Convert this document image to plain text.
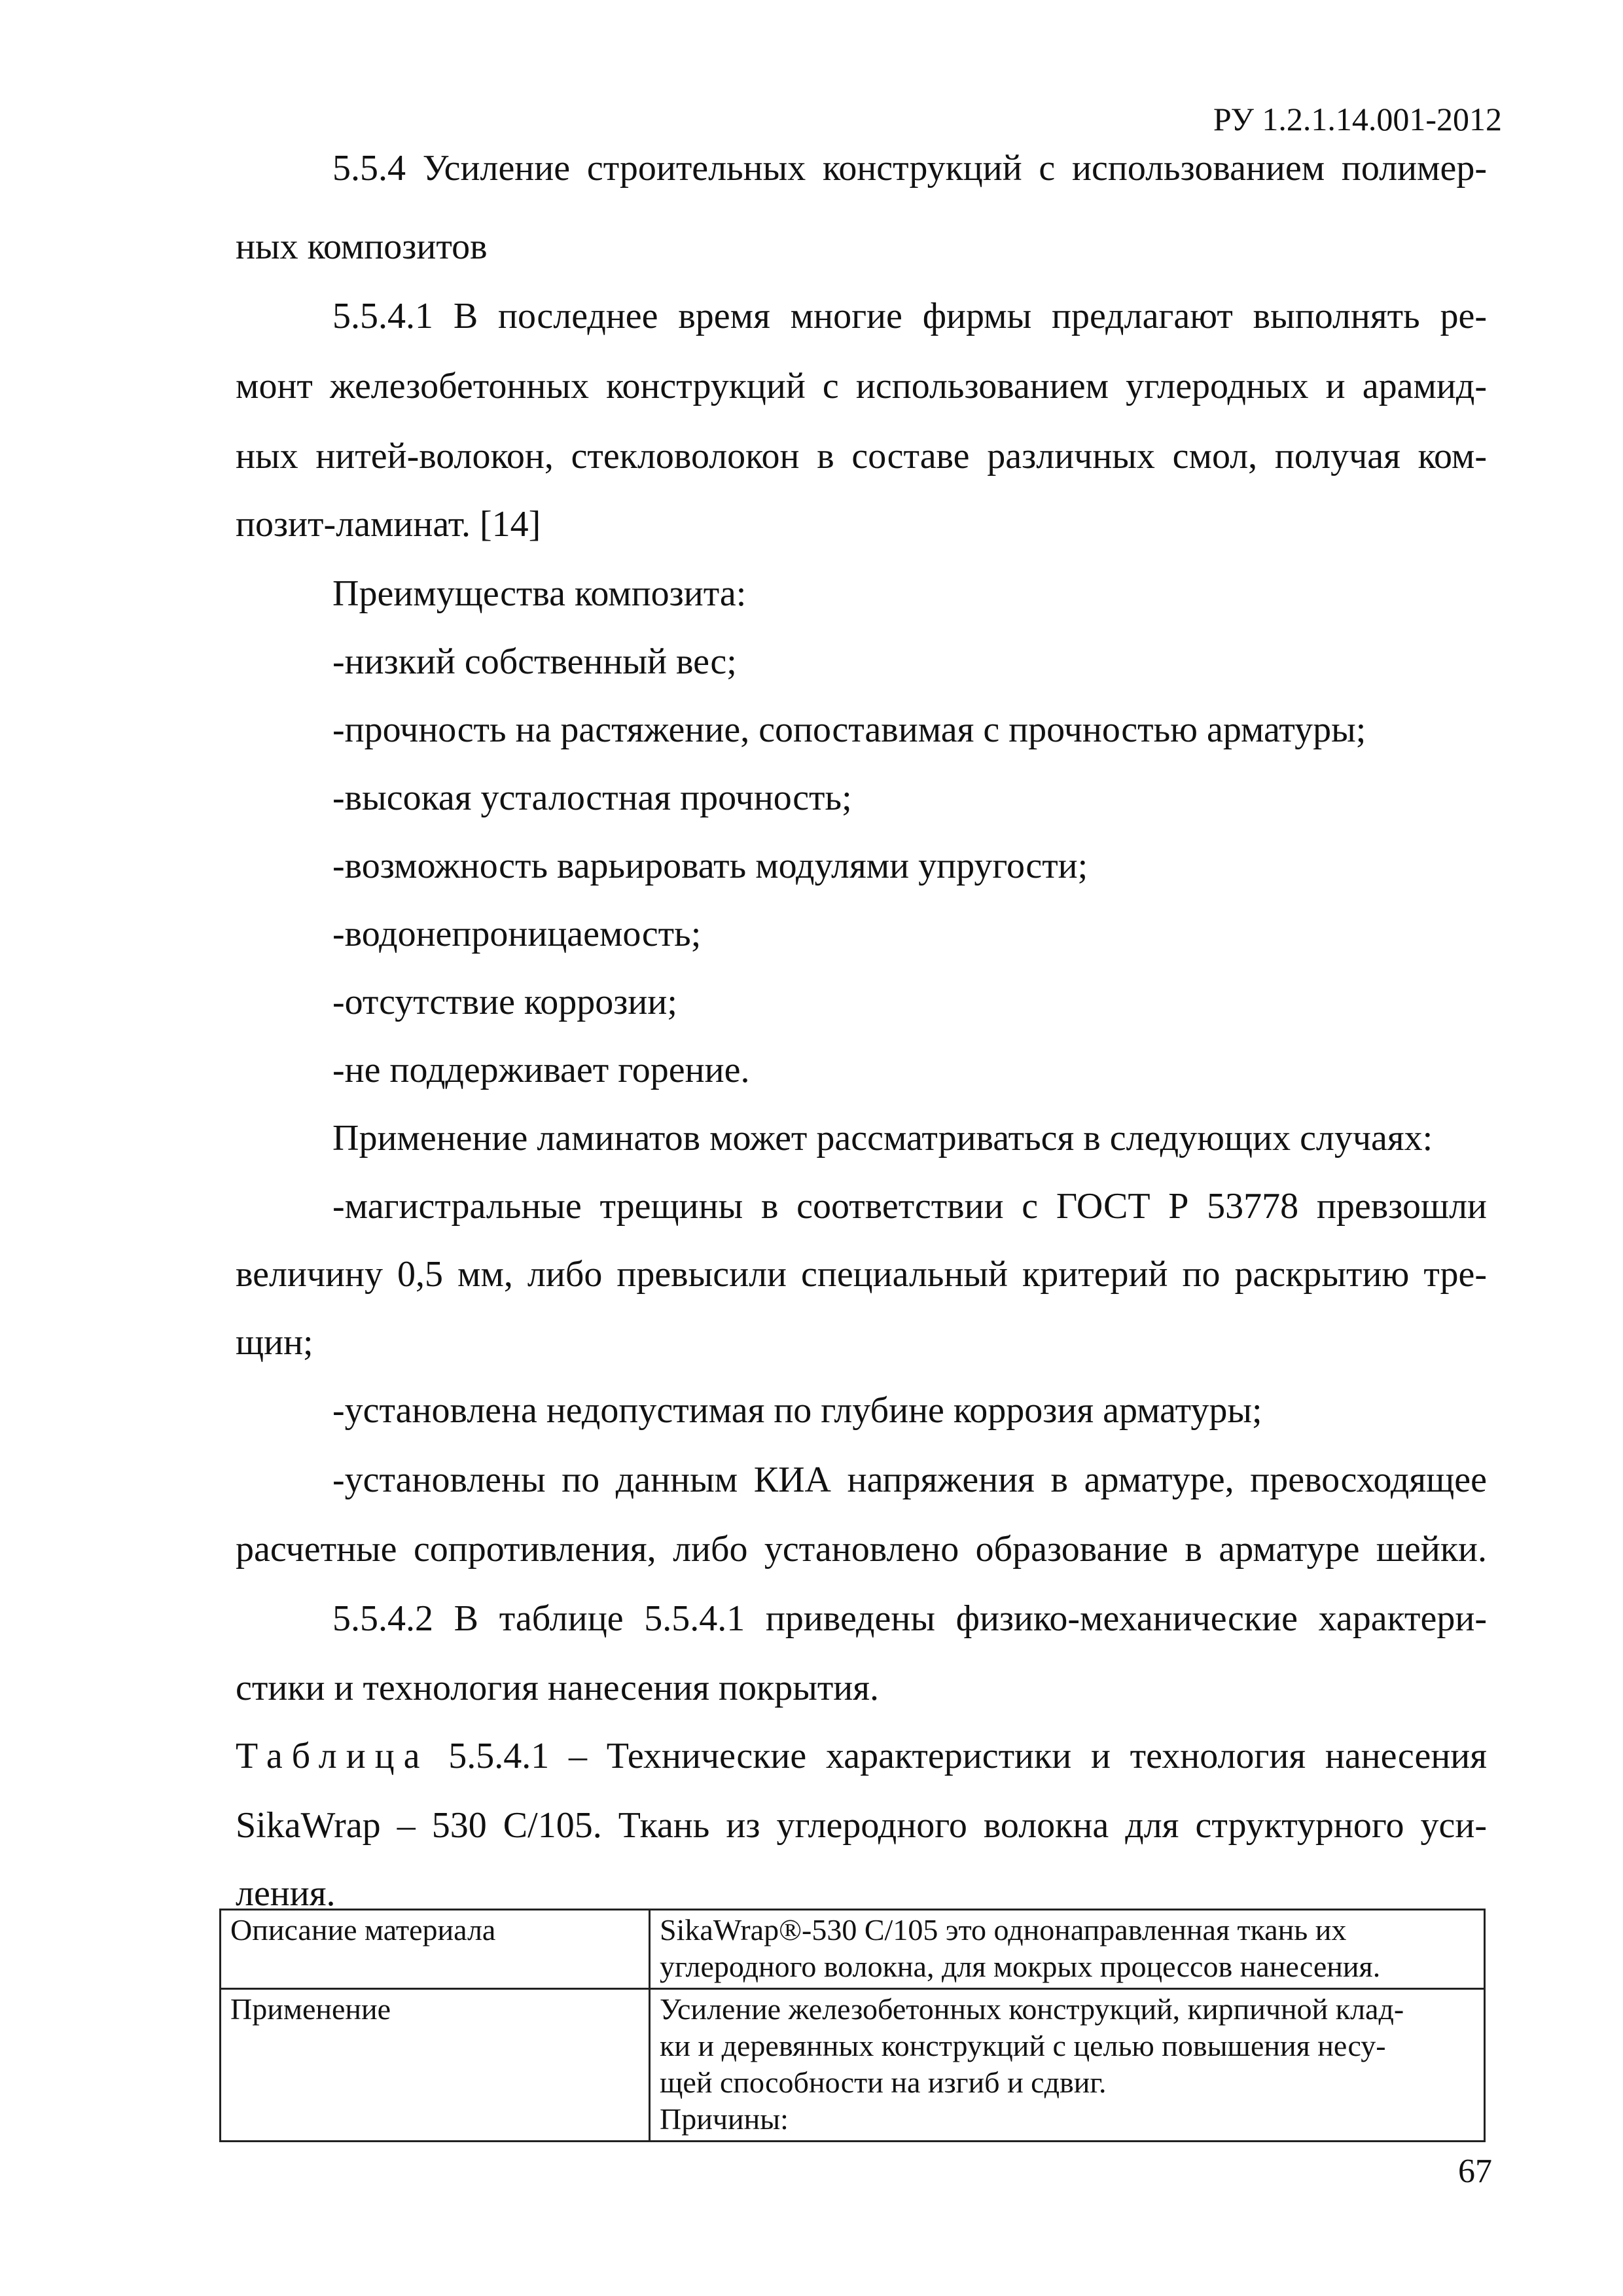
РУ 1.2.1.14.001-2012
5.5.4 Усиление строительных конструкций с использованием полимер-
ных композитов
5.5.4.1 В последнее время многие фирмы предлагают выполнять ре-
монт железобетонных конструкций с использованием углеродных и арамид-
ных нитей-волокон, стекловолокон в составе различных смол, получая ком-
позит-ламинат. [14]
Преимущества композита:
-низкий собственный вес;
-прочность на растяжение, сопоставимая с прочностью арматуры;
-высокая усталостная прочность;
-возможность варьировать модулями упругости;
-водонепроницаемость;
-отсутствие коррозии;
-не поддерживает горение.
Применение ламинатов может рассматриваться в следующих случаях:
-магистральные трещины в соответствии с ГОСТ Р 53778 превзошли
величину 0,5 мм, либо превысили специальный критерий по раскрытию тре-
щин;
-установлена недопустимая по глубине коррозия арматуры;
-установлены по данным КИА напряжения в арматуре, превосходящее
расчетные сопротивления, либо установлено образование в арматуре шейки.
5.5.4.2 В таблице 5.5.4.1 приведены физико-механические характери-
стики и технология нанесения покрытия.
Таблица 5.5.4.1 – Технические характеристики и технология нанесения
SikaWrap – 530 C/105. Ткань из углеродного волокна для структурного уси-
ления.
Описание материала	SikaWrap®-530 C/105 это однонаправленная ткань их
углеродного волокна, для мокрых процессов нанесения.

Применение	Усиление железобетонных конструкций, кирпичной клад-
ки и деревянных конструкций с целью повышения несу-
щей способности на изгиб и сдвиг.
Причины:
67
